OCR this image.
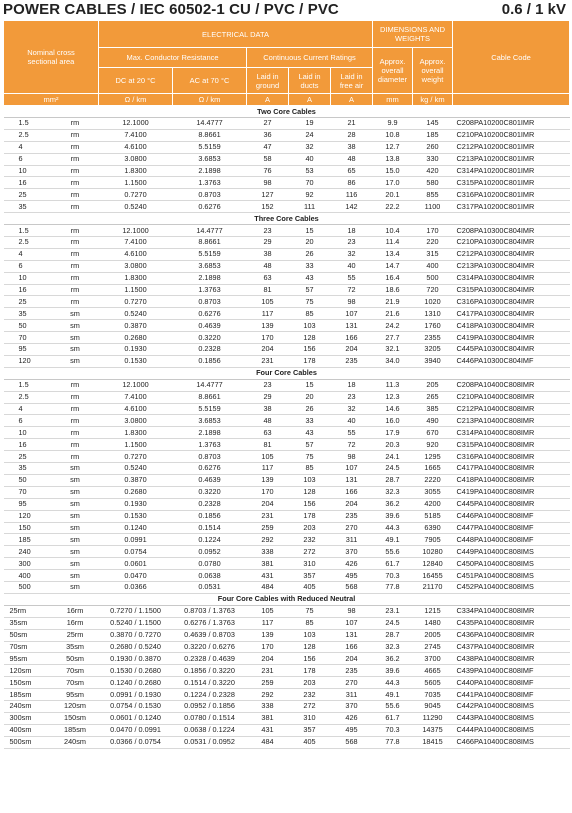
POWER CABLES / IEC 60502-1 CU / PVC / PVC	0.6 / 1 kV
Nominal cross sectional area		ELECTRICAL DATA					DIMENSIONS AND WEIGHTS		Cable Code
		Max. Conductor Resistance		Continuous Current Ratings			Approx. overall diameter	Approx. overall weight	
		DC at 20 °C	AC at 70 °C	Laid in ground	Laid in ducts	Laid in free air			
mm²		Ω / km	Ω / km	A	A	A	mm	kg / km	
Two Core Cables									
1.5	rm	12.1000	14.4777	27	19	21	9.9	145	C208PA10200C801IMR
2.5	rm	7.4100	8.8661	36	24	28	10.8	185	C210PA10200C801IMR
4	rm	4.6100	5.5159	47	32	38	12.7	260	C212PA10200C801IMR
6	rm	3.0800	3.6853	58	40	48	13.8	330	C213PA10200C801IMR
10	rm	1.8300	2.1898	76	53	65	15.0	420	C314PA10200C801IMR
16	rm	1.1500	1.3763	98	70	86	17.0	580	C315PA10200C801IMR
25	rm	0.7270	0.8703	127	92	116	20.1	855	C316PA10200C801IMR
35	rm	0.5240	0.6276	152	111	142	22.2	1100	C317PA10200C801IMR
Three Core Cables									
1.5	rm	12.1000	14.4777	23	15	18	10.4	170	C208PA10300C804IMR
2.5	rm	7.4100	8.8661	29	20	23	11.4	220	C210PA10300C804IMR
4	rm	4.6100	5.5159	38	26	32	13.4	315	C212PA10300C804IMR
6	rm	3.0800	3.6853	48	33	40	14.7	400	C213PA10300C804IMR
10	rm	1.8300	2.1898	63	43	55	16.4	500	C314PA10300C804IMR
16	rm	1.1500	1.3763	81	57	72	18.6	720	C315PA10300C804IMR
25	rm	0.7270	0.8703	105	75	98	21.9	1020	C316PA10300C804IMR
35	sm	0.5240	0.6276	117	85	107	21.6	1310	C417PA10300C804IMR
50	sm	0.3870	0.4639	139	103	131	24.2	1760	C418PA10300C804IMR
70	sm	0.2680	0.3220	170	128	166	27.7	2355	C419PA10300C804IMR
95	sm	0.1930	0.2328	204	156	204	32.1	3205	C445PA10300C804IMR
120	sm	0.1530	0.1856	231	178	235	34.0	3940	C446PA10300C804IMF
Four Core Cables									
1.5	rm	12.1000	14.4777	23	15	18	11.3	205	C208PA10400C808IMR
2.5	rm	7.4100	8.8661	29	20	23	12.3	265	C210PA10400C808IMR
4	rm	4.6100	5.5159	38	26	32	14.6	385	C212PA10400C808IMR
6	rm	3.0800	3.6853	48	33	40	16.0	490	C213PA10400C808IMR
10	rm	1.8300	2.1898	63	43	55	17.9	670	C314PA10400C808IMR
16	rm	1.1500	1.3763	81	57	72	20.3	920	C315PA10400C808IMR
25	rm	0.7270	0.8703	105	75	98	24.1	1295	C316PA10400C808IMR
35	sm	0.5240	0.6276	117	85	107	24.5	1665	C417PA10400C808IMR
50	sm	0.3870	0.4639	139	103	131	28.7	2220	C418PA10400C808IMR
70	sm	0.2680	0.3220	170	128	166	32.3	3055	C419PA10400C808IMR
95	sm	0.1930	0.2328	204	156	204	36.2	4200	C445PA10400C808IMR
120	sm	0.1530	0.1856	231	178	235	39.6	5185	C446PA10400C808IMF
150	sm	0.1240	0.1514	259	203	270	44.3	6390	C447PA10400C808IMF
185	sm	0.0991	0.1224	292	232	311	49.1	7905	C448PA10400C808IMF
240	sm	0.0754	0.0952	338	272	370	55.6	10280	C449PA10400C808IMS
300	sm	0.0601	0.0780	381	310	426	61.7	12840	C450PA10400C808IMS
400	sm	0.0470	0.0638	431	357	495	70.3	16455	C451PA10400C808IMS
500	sm	0.0366	0.0531	484	405	568	77.8	21170	C452PA10400C808IMS
Four Core Cables with Reduced Neutral									
25rm	16rm	0.7270 / 1.1500	0.8703 / 1.3763	105	75	98	23.1	1215	C334PA10400C808IMR
35sm	16rm	0.5240 / 1.1500	0.6276 / 1.3763	117	85	107	24.5	1480	C435PA10400C808IMR
50sm	25rm	0.3870 / 0.7270	0.4639 / 0.8703	139	103	131	28.7	2005	C436PA10400C808IMR
70sm	35sm	0.2680 / 0.5240	0.3220 / 0.6276	170	128	166	32.3	2745	C437PA10400C808IMR
95sm	50sm	0.1930 / 0.3870	0.2328 / 0.4639	204	156	204	36.2	3700	C438PA10400C808IMR
120sm	70sm	0.1530 / 0.2680	0.1856 / 0.3220	231	178	235	39.6	4665	C439PA10400C808IMF
150sm	70sm	0.1240 / 0.2680	0.1514 / 0.3220	259	203	270	44.3	5605	C440PA10400C808IMF
185sm	95sm	0.0991 / 0.1930	0.1224 / 0.2328	292	232	311	49.1	7035	C441PA10400C808IMF
240sm	120sm	0.0754 / 0.1530	0.0952 / 0.1856	338	272	370	55.6	9045	C442PA10400C808IMS
300sm	150sm	0.0601 / 0.1240	0.0780 / 0.1514	381	310	426	61.7	11290	C443PA10400C808IMS
400sm	185sm	0.0470 / 0.0991	0.0638 / 0.1224	431	357	495	70.3	14375	C444PA10400C808IMS
500sm	240sm	0.0366 / 0.0754	0.0531 / 0.0952	484	405	568	77.8	18415	C466PA10400C808IMS
